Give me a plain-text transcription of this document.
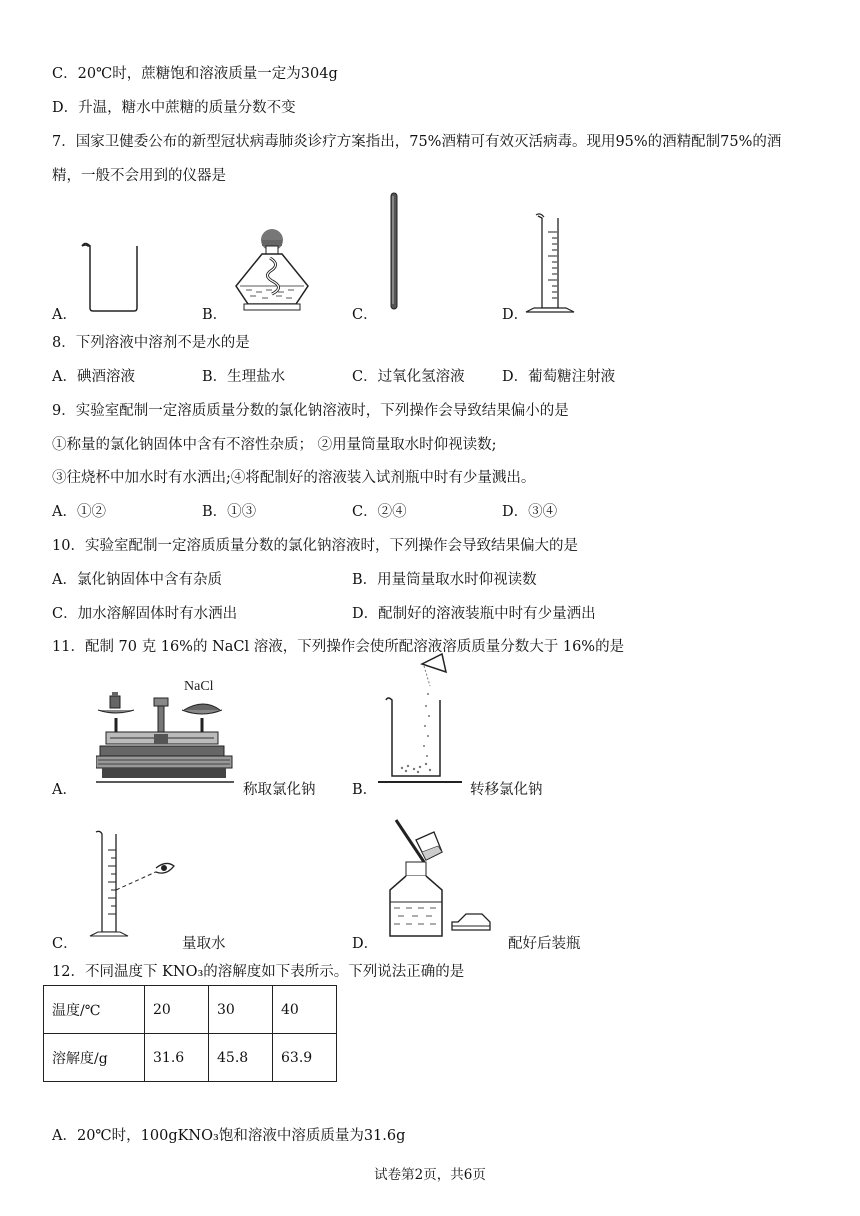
C．20℃时，蔗糖饱和溶液质量一定为304g
D．升温，糖水中蔗糖的质量分数不变
7．国家卫健委公布的新型冠状病毒肺炎诊疗方案指出，75%酒精可有效灭活病毒。现用95%的酒精配制75%的酒
精，一般不会用到的仪器是
A．	B．	C．	D．
8．下列溶液中溶剂不是水的是
A．碘酒溶液	B．生理盐水	C．过氧化氢溶液	D．葡萄糖注射液
9．实验室配制一定溶质质量分数的氯化钠溶液时，下列操作会导致结果偏小的是
①称量的氯化钠固体中含有不溶性杂质； ②用量筒量取水时仰视读数;
③往烧杯中加水时有水洒出;④将配制好的溶液装入试剂瓶中时有少量溅出。
A．①②	B．①③	C．②④	D．③④
10．实验室配制一定溶质质量分数的氯化钠溶液时，下列操作会导致结果偏大的是
A．氯化钠固体中含有杂质	B．用量筒量取水时仰视读数
C．加水溶解固体时有水洒出	D．配制好的溶液装瓶中时有少量洒出
11．配制 70 克 16%的 NaCl 溶液，下列操作会使所配溶液溶质质量分数大于 16%的是
NaCl
A．	称取氯化钠	B．	转移氯化钠
C．	量取水	D．	配好后装瓶
12．不同温度下 KNO₃的溶解度如下表所示。下列说法正确的是
温度/℃	20	30	40
溶解度/g	31.6	45.8	63.9
A．20℃时，100gKNO₃饱和溶液中溶质质量为31.6g
试卷第2页，共6页
